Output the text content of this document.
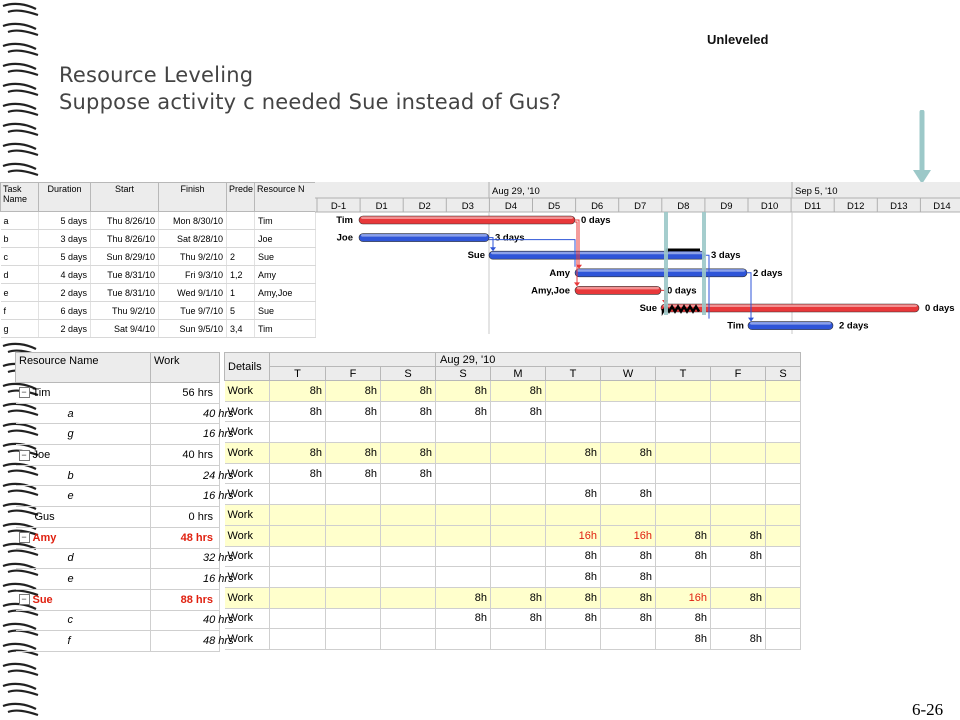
Unleveled
Resource Leveling
Suppose activity c needed Sue instead of Gus?
Task Name	Duration	Start	Finish	Prede	Resource N
a	5 days	Thu 8/26/10	Mon 8/30/10		Tim
b	3 days	Thu 8/26/10	Sat 8/28/10		Joe
c	5 days	Sun 8/29/10	Thu 9/2/10	2	Sue
d	4 days	Tue 8/31/10	Fri 9/3/10	1,2	Amy
e	2 days	Tue 8/31/10	Wed 9/1/10	1	Amy,Joe
f	6 days	Thu 9/2/10	Tue 9/7/10	5	Sue
g	2 days	Sat 9/4/10	Sun 9/5/10	3,4	Tim
Aug 29, '10	Sep 5, '10
D-1	D1	D2	D3	D4	D5	D6	D7	D8	D9	D10	D11	D12	D13	D14
Tim	0 days
Joe	3 days
Sue	3 days
Amy	2 days
Amy,Joe	0 days
Sue	0 days
Tim	2 days
Resource Name	Work
− Tim	56 hrs
a	40 hrs
g	16 hrs
− Joe	40 hrs
b	24 hrs
e	16 hrs
Gus	0 hrs
− Amy	48 hrs
d	32 hrs
e	16 hrs
− Sue	88 hrs
c	40 hrs
f	48 hrs
Details				Aug 29, '10						
	T	F	S	S	M	T	W	T	F	S
Work	8h	8h	8h	8h	8h					
Work	8h	8h	8h	8h	8h					
Work										
Work	8h	8h	8h			8h	8h			
Work	8h	8h	8h							
Work						8h	8h			
Work										
Work						16h	16h	8h	8h	
Work						8h	8h	8h	8h	
Work						8h	8h			
Work				8h	8h	8h	8h	16h	8h	
Work				8h	8h	8h	8h	8h		
Work								8h	8h	
6-26
